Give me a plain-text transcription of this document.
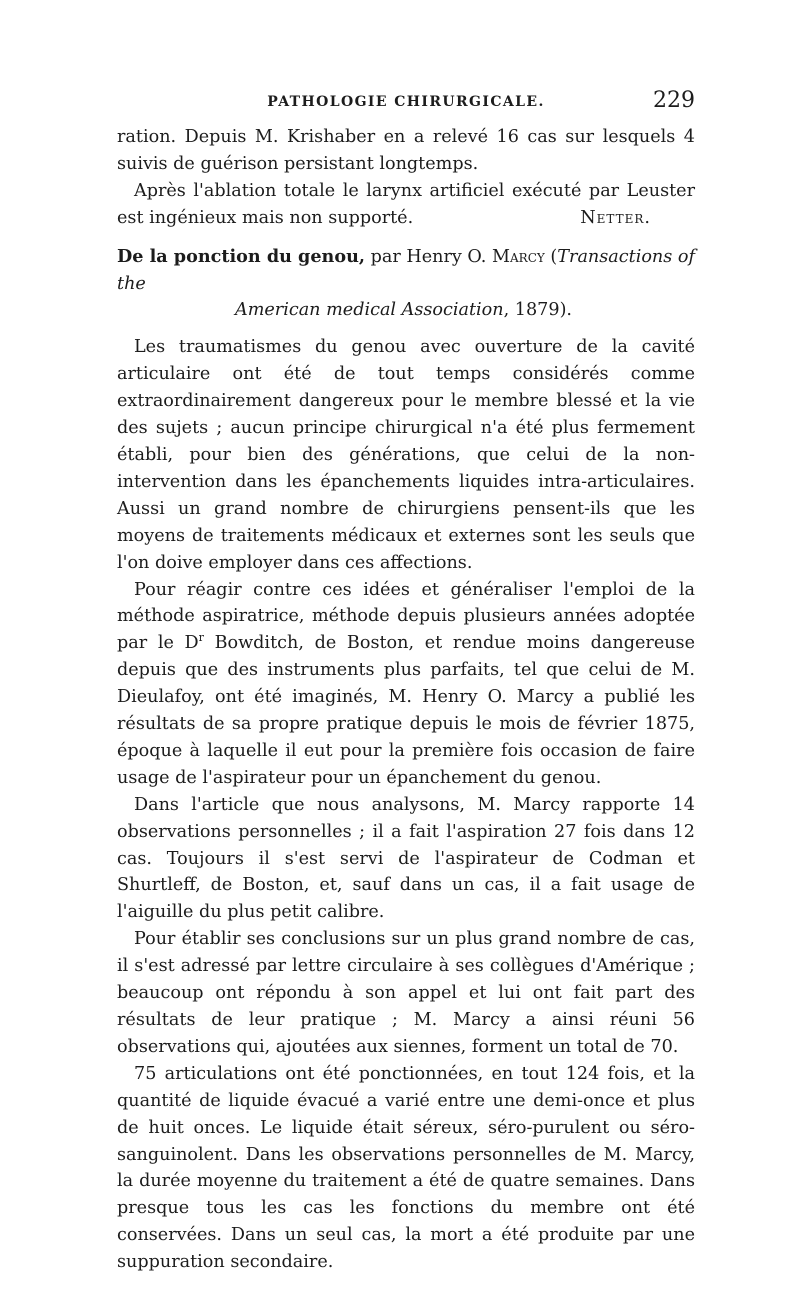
PATHOLOGIE CHIRURGICALE.	229

ration. Depuis M. Krishaber en a relevé 16 cas sur lesquels 4 suivis de guérison persistant longtemps.

Après l'ablation totale le larynx artificiel exécuté par Leuster est ingénieux mais non supporté.	Netter.

De la ponction du genou, par Henry O. Marcy (Transactions of the
American medical Association, 1879).

Les traumatismes du genou avec ouverture de la cavité articulaire ont été de tout temps considérés comme extraordinairement dangereux pour le membre blessé et la vie des sujets ; aucun principe chirurgical n'a été plus fermement établi, pour bien des générations, que celui de la non-intervention dans les épanchements liquides intra-articulaires. Aussi un grand nombre de chirurgiens pensent-ils que les moyens de traitements médicaux et externes sont les seuls que l'on doive employer dans ces affections.

Pour réagir contre ces idées et généraliser l'emploi de la méthode aspiratrice, méthode depuis plusieurs années adoptée par le $D^r$ Bowditch, de Boston, et rendue moins dangereuse depuis que des instruments plus parfaits, tel que celui de M. Dieulafoy, ont été imaginés, M. Henry O. Marcy a publié les résultats de sa propre pratique depuis le mois de février 1875, époque à laquelle il eut pour la première fois occasion de faire usage de l'aspirateur pour un épanchement du genou.

Dans l'article que nous analysons, M. Marcy rapporte 14 observations personnelles ; il a fait l'aspiration 27 fois dans 12 cas. Toujours il s'est servi de l'aspirateur de Codman et Shurtleff, de Boston, et, sauf dans un cas, il a fait usage de l'aiguille du plus petit calibre.

Pour établir ses conclusions sur un plus grand nombre de cas, il s'est adressé par lettre circulaire à ses collègues d'Amérique ; beaucoup ont répondu à son appel et lui ont fait part des résultats de leur pratique ; M. Marcy a ainsi réuni 56 observations qui, ajoutées aux siennes, forment un total de 70.

75 articulations ont été ponctionnées, en tout 124 fois, et la quantité de liquide évacué a varié entre une demi-once et plus de huit onces. Le liquide était séreux, séro-purulent ou séro-sanguinolent. Dans les observations personnelles de M. Marcy, la durée moyenne du traitement a été de quatre semaines. Dans presque tous les cas les fonctions du membre ont été conservées. Dans un seul cas, la mort a été produite par une suppuration secondaire.
